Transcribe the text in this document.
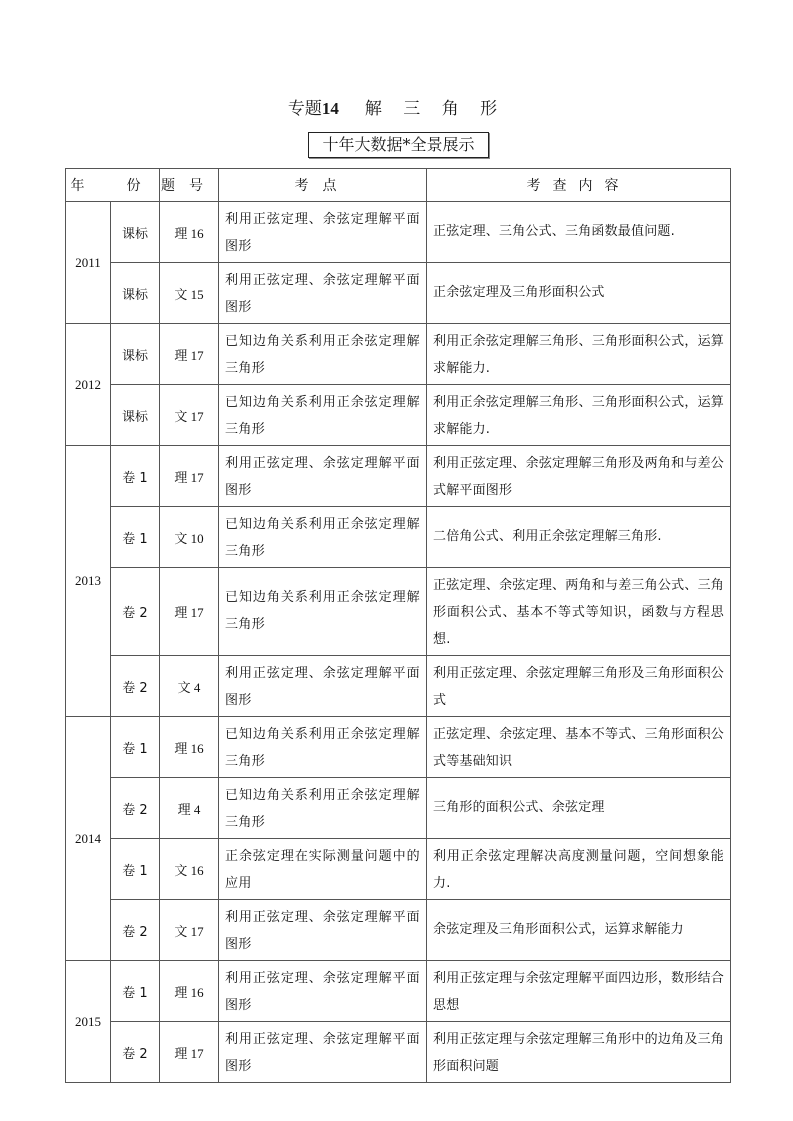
专题14 解 三 角 形
十年大数据*全景展示
年　份		题号	考点	考查内容
2011	课标	理 16	利用正弦定理、余弦定理解平面图形	正弦定理、三角公式、三角函数最值问题.
	课标	文 15	利用正弦定理、余弦定理解平面图形	正余弦定理及三角形面积公式
2012	课标	理 17	已知边角关系利用正余弦定理解三角形	利用正余弦定理解三角形、三角形面积公式，运算求解能力.
	课标	文 17	已知边角关系利用正余弦定理解三角形	利用正余弦定理解三角形、三角形面积公式，运算求解能力.
2013	卷 1	理 17	利用正弦定理、余弦定理解平面图形	利用正弦定理、余弦定理解三角形及两角和与差公式解平面图形
	卷 1	文 10	已知边角关系利用正余弦定理解三角形	二倍角公式、利用正余弦定理解三角形.
	卷 2	理 17	已知边角关系利用正余弦定理解三角形	正弦定理、余弦定理、两角和与差三角公式、三角形面积公式、基本不等式等知识，函数与方程思想.
	卷 2	文 4	利用正弦定理、余弦定理解平面图形	利用正弦定理、余弦定理解三角形及三角形面积公式
2014	卷 1	理 16	已知边角关系利用正余弦定理解三角形	正弦定理、余弦定理、基本不等式、三角形面积公式等基础知识
	卷 2	理 4	已知边角关系利用正余弦定理解三角形	三角形的面积公式、余弦定理
	卷 1	文 16	正余弦定理在实际测量问题中的应用	利用正余弦定理解决高度测量问题，空间想象能力.
	卷 2	文 17	利用正弦定理、余弦定理解平面图形	余弦定理及三角形面积公式，运算求解能力
2015	卷 1	理 16	利用正弦定理、余弦定理解平面图形	利用正弦定理与余弦定理解平面四边形，数形结合思想
	卷 2	理 17	利用正弦定理、余弦定理解平面图形	利用正弦定理与余弦定理解三角形中的边角及三角形面积问题
